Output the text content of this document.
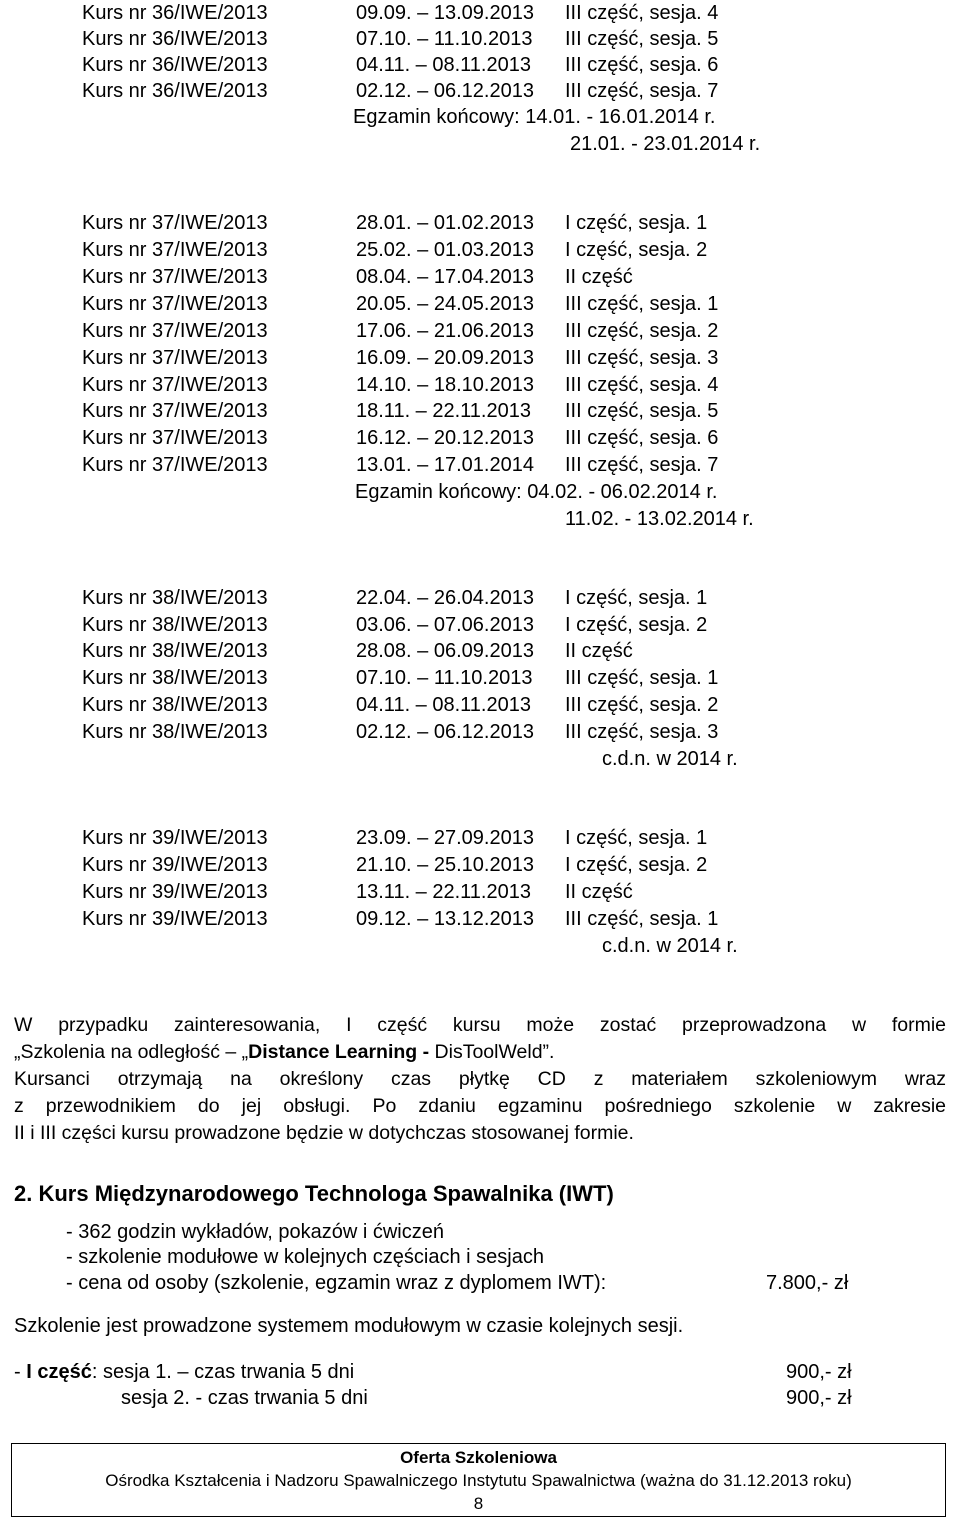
Kurs nr 36/IWE/2013	09.09. – 13.09.2013 III część, sesja. 4
Kurs nr 36/IWE/2013	07.10. – 11.10.2013 III część, sesja. 5
Kurs nr 36/IWE/2013	04.11. – 08.11.2013 III część, sesja. 6
Kurs nr 36/IWE/2013	02.12. – 06.12.2013 III część, sesja. 7
Egzamin końcowy: 14.01. - 16.01.2014 r.
21.01. - 23.01.2014 r.
Kurs nr 37/IWE/2013	28.01. – 01.02.2013 I część, sesja. 1
Kurs nr 37/IWE/2013	25.02. – 01.03.2013 I część, sesja. 2
Kurs nr 37/IWE/2013	08.04. – 17.04.2013 II część
Kurs nr 37/IWE/2013	20.05. – 24.05.2013 III część, sesja. 1
Kurs nr 37/IWE/2013	17.06. – 21.06.2013 III część, sesja. 2
Kurs nr 37/IWE/2013	16.09. – 20.09.2013 III część, sesja. 3
Kurs nr 37/IWE/2013	14.10. – 18.10.2013 III część, sesja. 4
Kurs nr 37/IWE/2013	18.11. – 22.11.2013 III część, sesja. 5
Kurs nr 37/IWE/2013	16.12. – 20.12.2013 III część, sesja. 6
Kurs nr 37/IWE/2013	13.01. – 17.01.2014 III część, sesja. 7
Egzamin końcowy: 04.02. - 06.02.2014 r.
11.02. - 13.02.2014 r.
Kurs nr 38/IWE/2013	22.04. – 26.04.2013 I część, sesja. 1
Kurs nr 38/IWE/2013	03.06. – 07.06.2013 I część, sesja. 2
Kurs nr 38/IWE/2013	28.08. – 06.09.2013 II część
Kurs nr 38/IWE/2013	07.10. – 11.10.2013 III część, sesja. 1
Kurs nr 38/IWE/2013	04.11. – 08.11.2013 III część, sesja. 2
Kurs nr 38/IWE/2013	02.12. – 06.12.2013 III część, sesja. 3
c.d.n. w 2014 r.
Kurs nr 39/IWE/2013	23.09. – 27.09.2013 I część, sesja. 1
Kurs nr 39/IWE/2013	21.10. – 25.10.2013 I część, sesja. 2
Kurs nr 39/IWE/2013	13.11. – 22.11.2013 II część
Kurs nr 39/IWE/2013	09.12. – 13.12.2013 III część, sesja. 1
c.d.n. w 2014 r.
W przypadku zainteresowania, I część kursu może zostać przeprowadzona w formie
„Szkolenia na odległość – „Distance Learning - DisToolWeld”.
Kursanci otrzymają na określony czas płytkę CD z materiałem szkoleniowym wraz
z przewodnikiem do jej obsługi. Po zdaniu egzaminu pośredniego szkolenie w zakresie
II i III części kursu prowadzone będzie w dotychczas stosowanej formie.
2. Kurs Międzynarodowego Technologa Spawalnika (IWT)
- 362 godzin wykładów, pokazów i ćwiczeń
- szkolenie modułowe w kolejnych częściach i sesjach
- cena od osoby (szkolenie, egzamin wraz z dyplomem IWT):	7.800,- zł
Szkolenie jest prowadzone systemem modułowym w czasie kolejnych sesji.
- I część: sesja 1. – czas trwania 5 dni	900,- zł
sesja 2. - czas trwania 5 dni	900,- zł
Oferta Szkoleniowa
Ośrodka Kształcenia i Nadzoru Spawalniczego Instytutu Spawalnictwa (ważna do 31.12.2013 roku)
8
